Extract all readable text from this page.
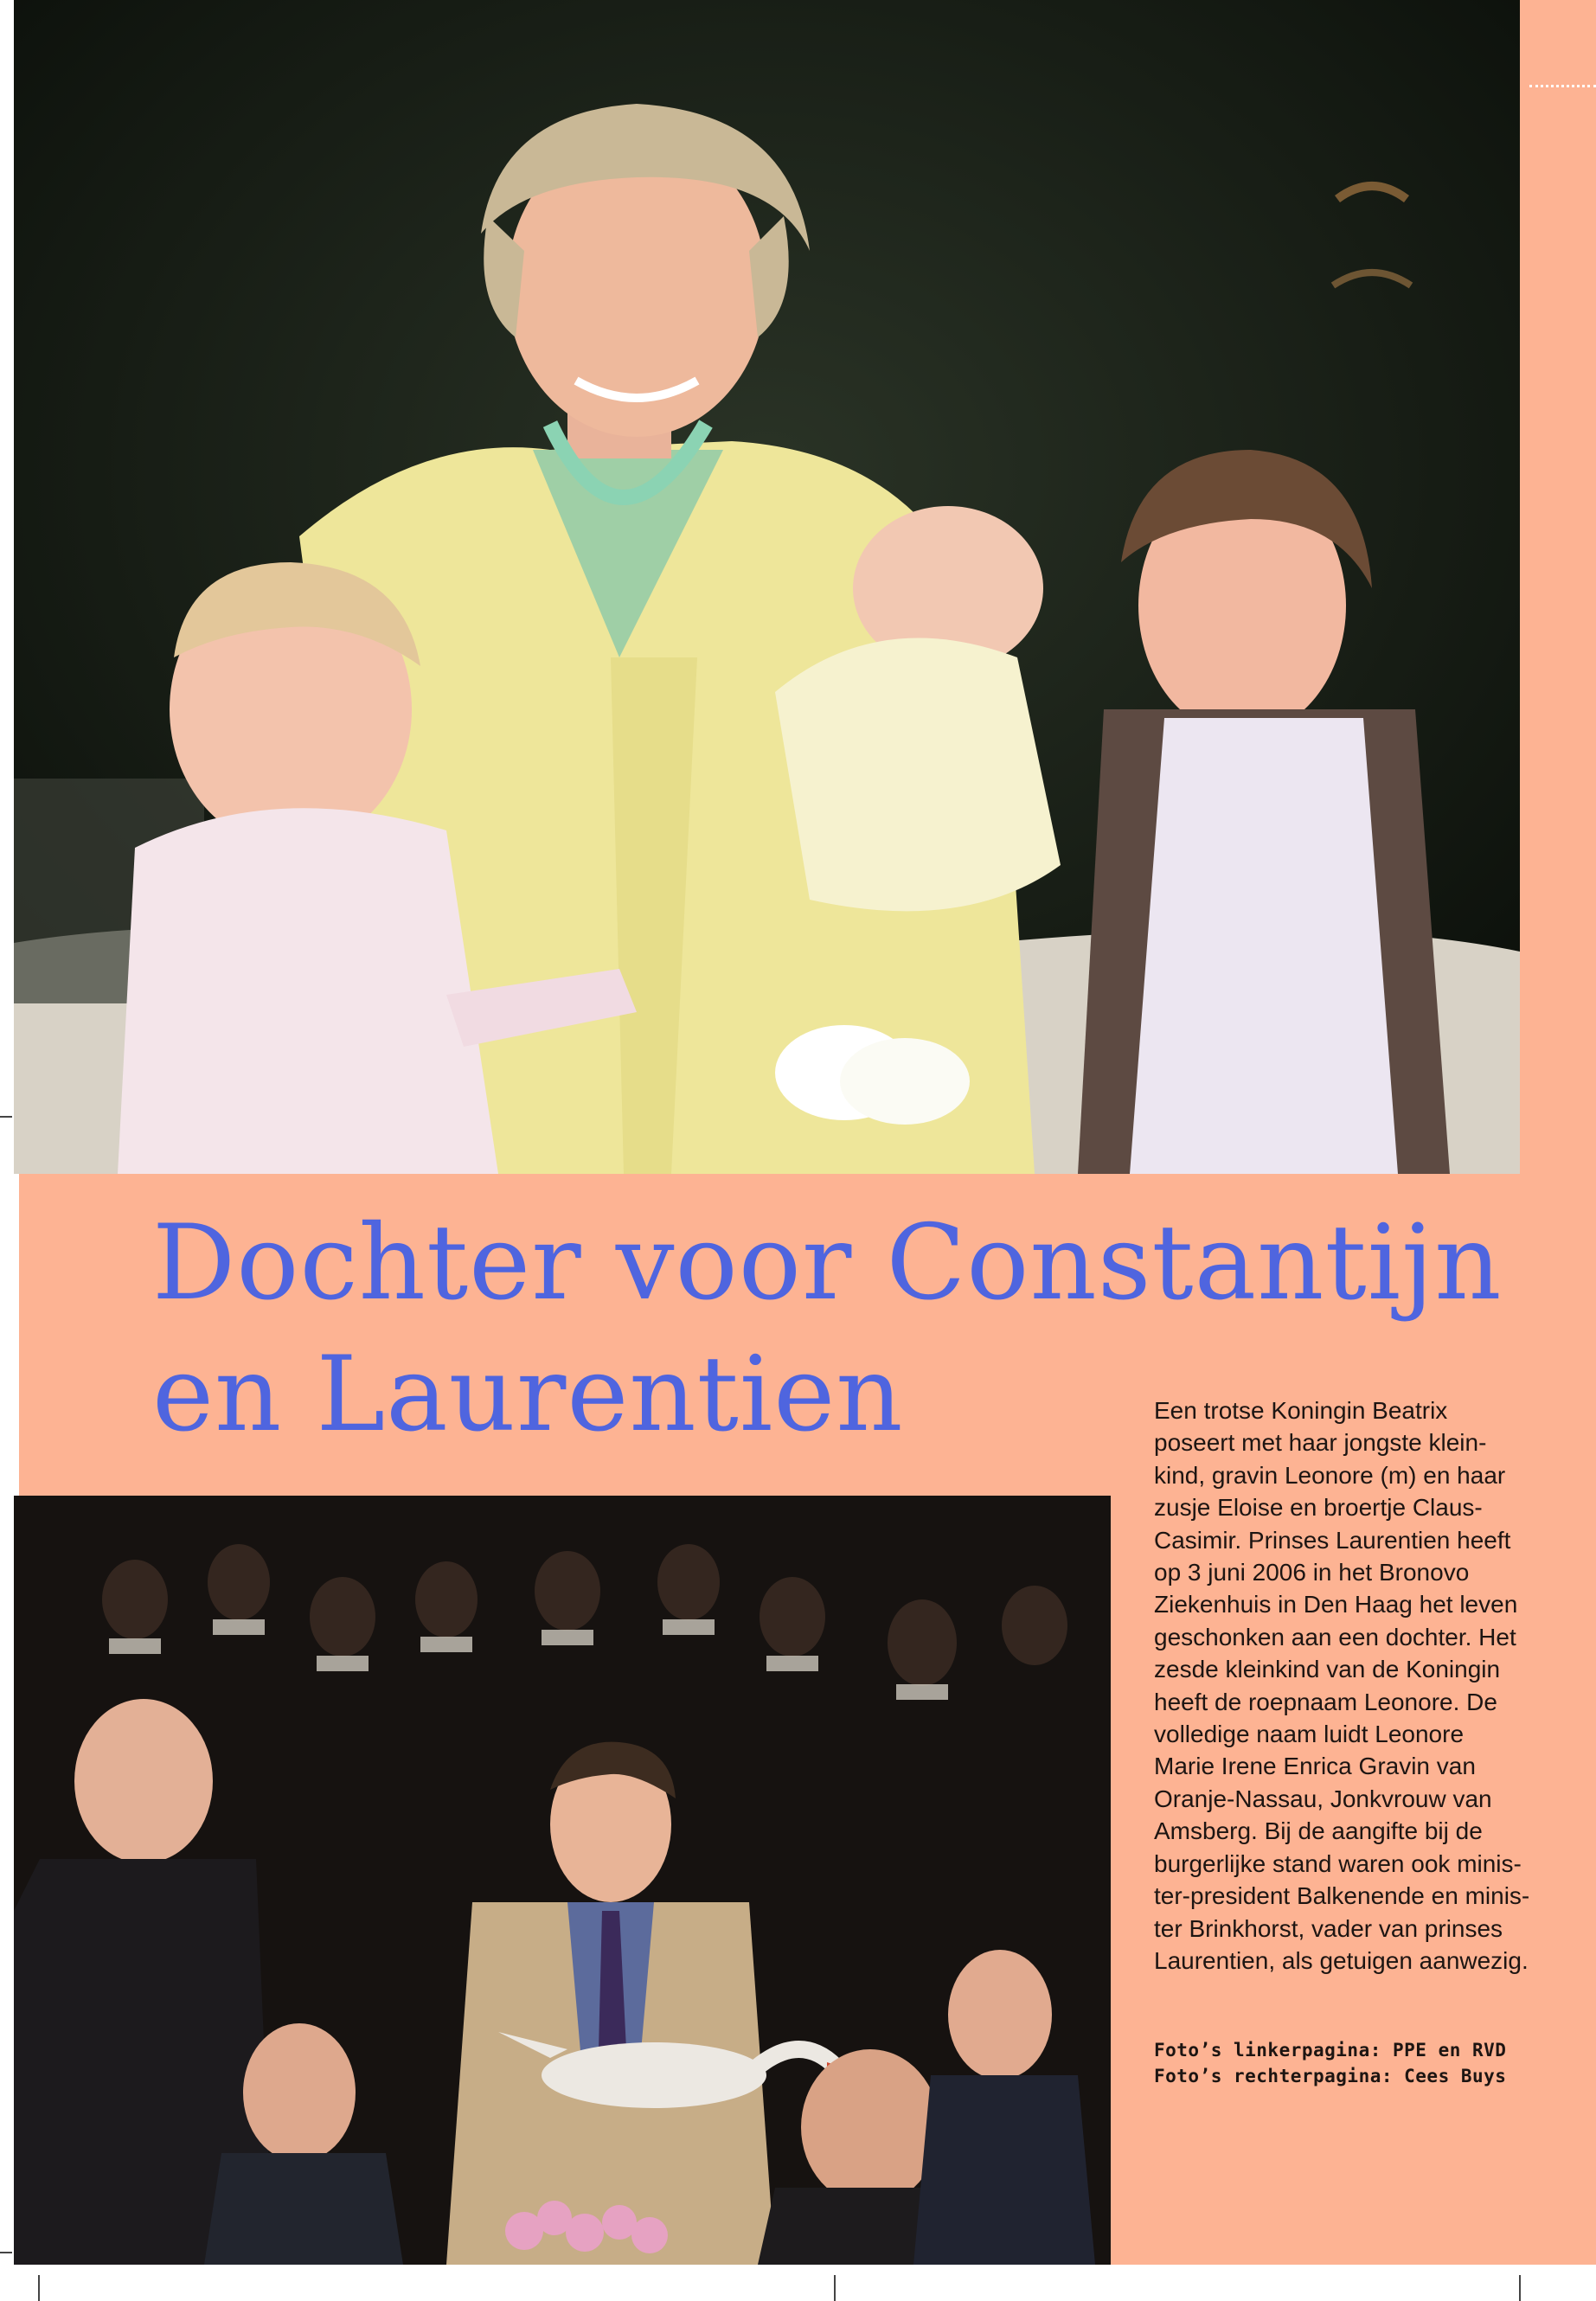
Dochter voor Constantijn
en Laurentien	Een trotse Koningin Beatrix
poseert met haar jongste klein-
kind, gravin Leonore (m) en haar
zusje Eloise en broertje Claus-
Casimir. Prinses Laurentien heeft
op 3 juni 2006 in het Bronovo
Ziekenhuis in Den Haag het leven
geschonken aan een dochter. Het
zesde kleinkind van de Koningin
heeft de roepnaam Leonore. De
volledige naam luidt Leonore
Marie Irene Enrica Gravin van
Oranje-Nassau, Jonkvrouw van
Amsberg. Bij de aangifte bij de
burgerlijke stand waren ook minis-
ter-president Balkenende en minis-
ter Brinkhorst, vader van prinses
Laurentien, als getuigen aanwezig.
Foto’s linkerpagina: PPE en RVD
Foto’s rechterpagina: Cees Buys
